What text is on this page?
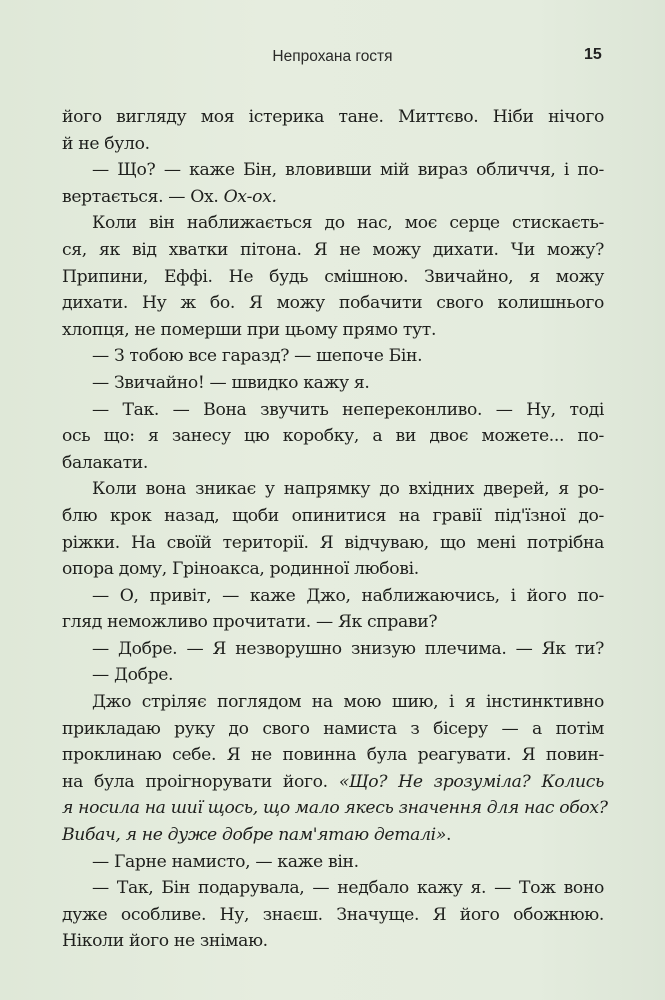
Непрохана гостя	15
його вигляду моя істерика тане. Миттєво. Ніби нічого
й не було.
— Що? — каже Бін, вловивши мій вираз обличчя, і по-
вертається. — Ох. Ох-ох.
Коли він наближається до нас, моє серце стискаєть-
ся, як від хватки пітона. Я не можу дихати. Чи можу?
Припини, Еффі. Не будь смішною. Звичайно, я можу
дихати. Ну ж бо. Я можу побачити свого колишнього
хлопця, не померши при цьому прямо тут.
— З тобою все гаразд? — шепоче Бін.
— Звичайно! — швидко кажу я.
— Так. — Вона звучить непереконливо. — Ну, тоді
ось що: я занесу цю коробку, а ви двоє можете... по-
балакати.
Коли вона зникає у напрямку до вхідних дверей, я ро-
блю крок назад, щоби опинитися на гравії під'їзної до-
ріжки. На своїй території. Я відчуваю, що мені потрібна
опора дому, Гріноакса, родинної любові.
— О, привіт, — каже Джо, наближаючись, і його по-
гляд неможливо прочитати. — Як справи?
— Добре. — Я незворушно знизую плечима. — Як ти?
— Добре.
Джо стріляє поглядом на мою шию, і я інстинктивно
прикладаю руку до свого намиста з бісеру — а потім
проклинаю себе. Я не повинна була реагувати. Я повин-
на була проігнорувати його. «Що? Не зрозуміла? Колись
я носила на шиї щось, що мало якесь значення для нас обох?
Вибач, я не дуже добре пам'ятаю деталі».
— Гарне намисто, — каже він.
— Так, Бін подарувала, — недбало кажу я. — Тож воно
дуже особливе. Ну, знаєш. Значуще. Я його обожнюю.
Ніколи його не знімаю.
